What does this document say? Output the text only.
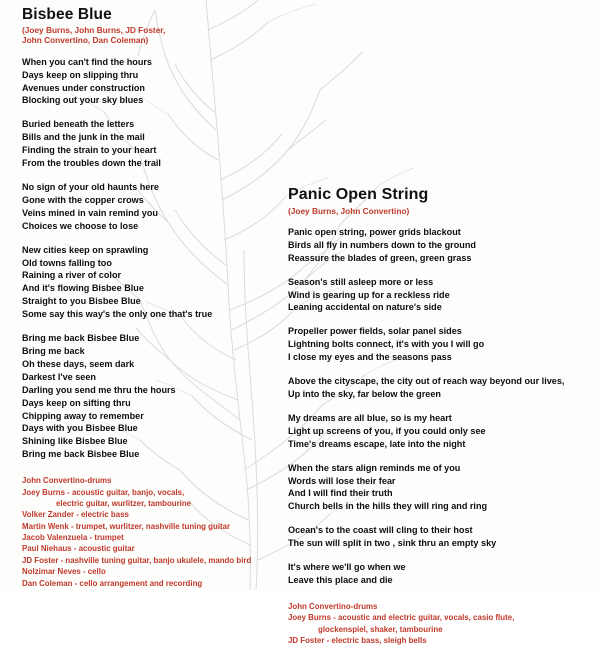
Bisbee Blue
(Joey Burns, John Burns, JD Foster,
John Convertino, Dan Coleman)
When you can't find the hours
Days keep on slipping thru
Avenues under construction
Blocking out your sky blues
Buried beneath the letters
Bills and the junk in the mail
Finding the strain to your heart
From the troubles down the trail
No sign of your old haunts here
Gone with the copper crows
Veins mined in vain remind you
Choices we choose to lose
New cities keep on sprawling
Old towns falling too
Raining a river of color
And it's flowing Bisbee Blue
Straight to you Bisbee Blue
Some say this way's the only one that's true
Bring me back Bisbee Blue
Bring me back
Oh these days, seem dark
Darkest I've seen
Darling you send me thru the hours
Days keep on sifting thru
Chipping away to remember
Days with you Bisbee Blue
Shining like Bisbee Blue
Bring me back Bisbee Blue
John Convertino-drums
Joey Burns - acoustic guitar, banjo, vocals,
electric guitar, wurlitzer, tambourine
Volker Zander - electric bass
Martin Wenk - trumpet, wurlitzer, nashville tuning guitar
Jacob Valenzuela - trumpet
Paul Niehaus - acoustic guitar
JD Foster - nashville tuning guitar, banjo ukulele, mando bird
Nolzimar Neves - cello
Dan Coleman - cello arrangement and recording
Panic Open String
(Joey Burns, John Convertino)
Panic open string, power grids blackout
Birds all fly in numbers down to the ground
Reassure the blades of green, green grass
Season's still asleep more or less
Wind is gearing up for a reckless ride
Leaning accidental on nature's side
Propeller power fields, solar panel sides
Lightning bolts connect, it's with you I will go
I close my eyes and the seasons pass
Above the cityscape, the city out of reach way beyond our lives,
Up into the sky, far below the green
My dreams are all blue, so is my heart
Light up screens of you, if you could only see
Time's dreams escape, late into the night
When the stars align reminds me of you
Words will lose their fear
And I will find their truth
Church bells in the hills they will ring and ring
Ocean's to the coast will cling to their host
The sun will split in two , sink thru an empty sky
It's where we'll go when we
Leave this place and die
John Convertino-drums
Joey Burns - acoustic and electric guitar, vocals, casio flute,
glockenspiel, shaker, tambourine
JD Foster - electric bass, sleigh bells
